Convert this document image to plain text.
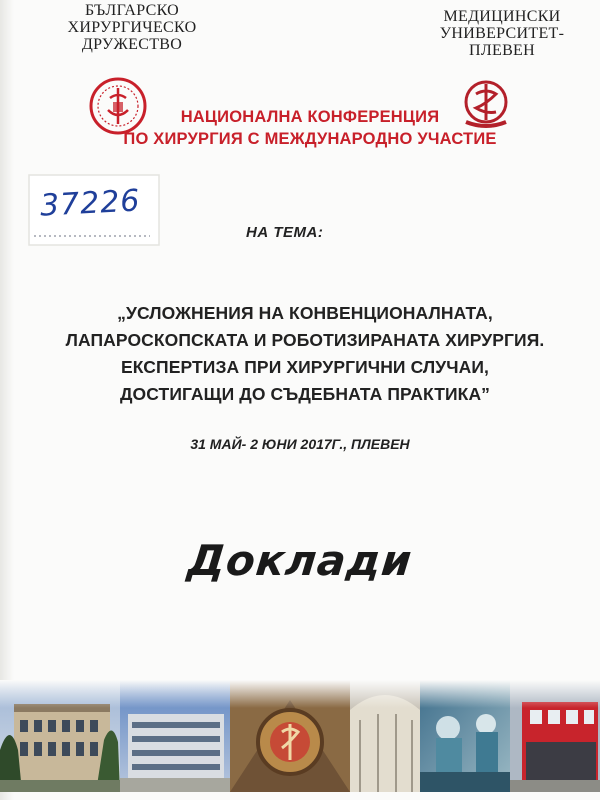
БЪЛГАРСКО
ХИРУРГИЧЕСКО
ДРУЖЕСТВО
МЕДИЦИНСКИ
УНИВЕРСИТЕТ-
ПЛЕВЕН
НАЦИОНАЛНА КОНФЕРЕНЦИЯ
ПО ХИРУРГИЯ С МЕЖДУНАРОДНО УЧАСТИЕ
37226
НА ТЕМА:
„УСЛОЖНЕНИЯ НА КОНВЕНЦИОНАЛНАТА,
ЛАПАРОСКОПСКАТА И РОБОТИЗИРАНАТА ХИРУРГИЯ.
ЕКСПЕРТИЗА ПРИ ХИРУРГИЧНИ СЛУЧАИ,
ДОСТИГАЩИ ДО СЪДЕБНАТА ПРАКТИКА”
31 МАЙ- 2 ЮНИ 2017Г., ПЛЕВЕН
Доклади
